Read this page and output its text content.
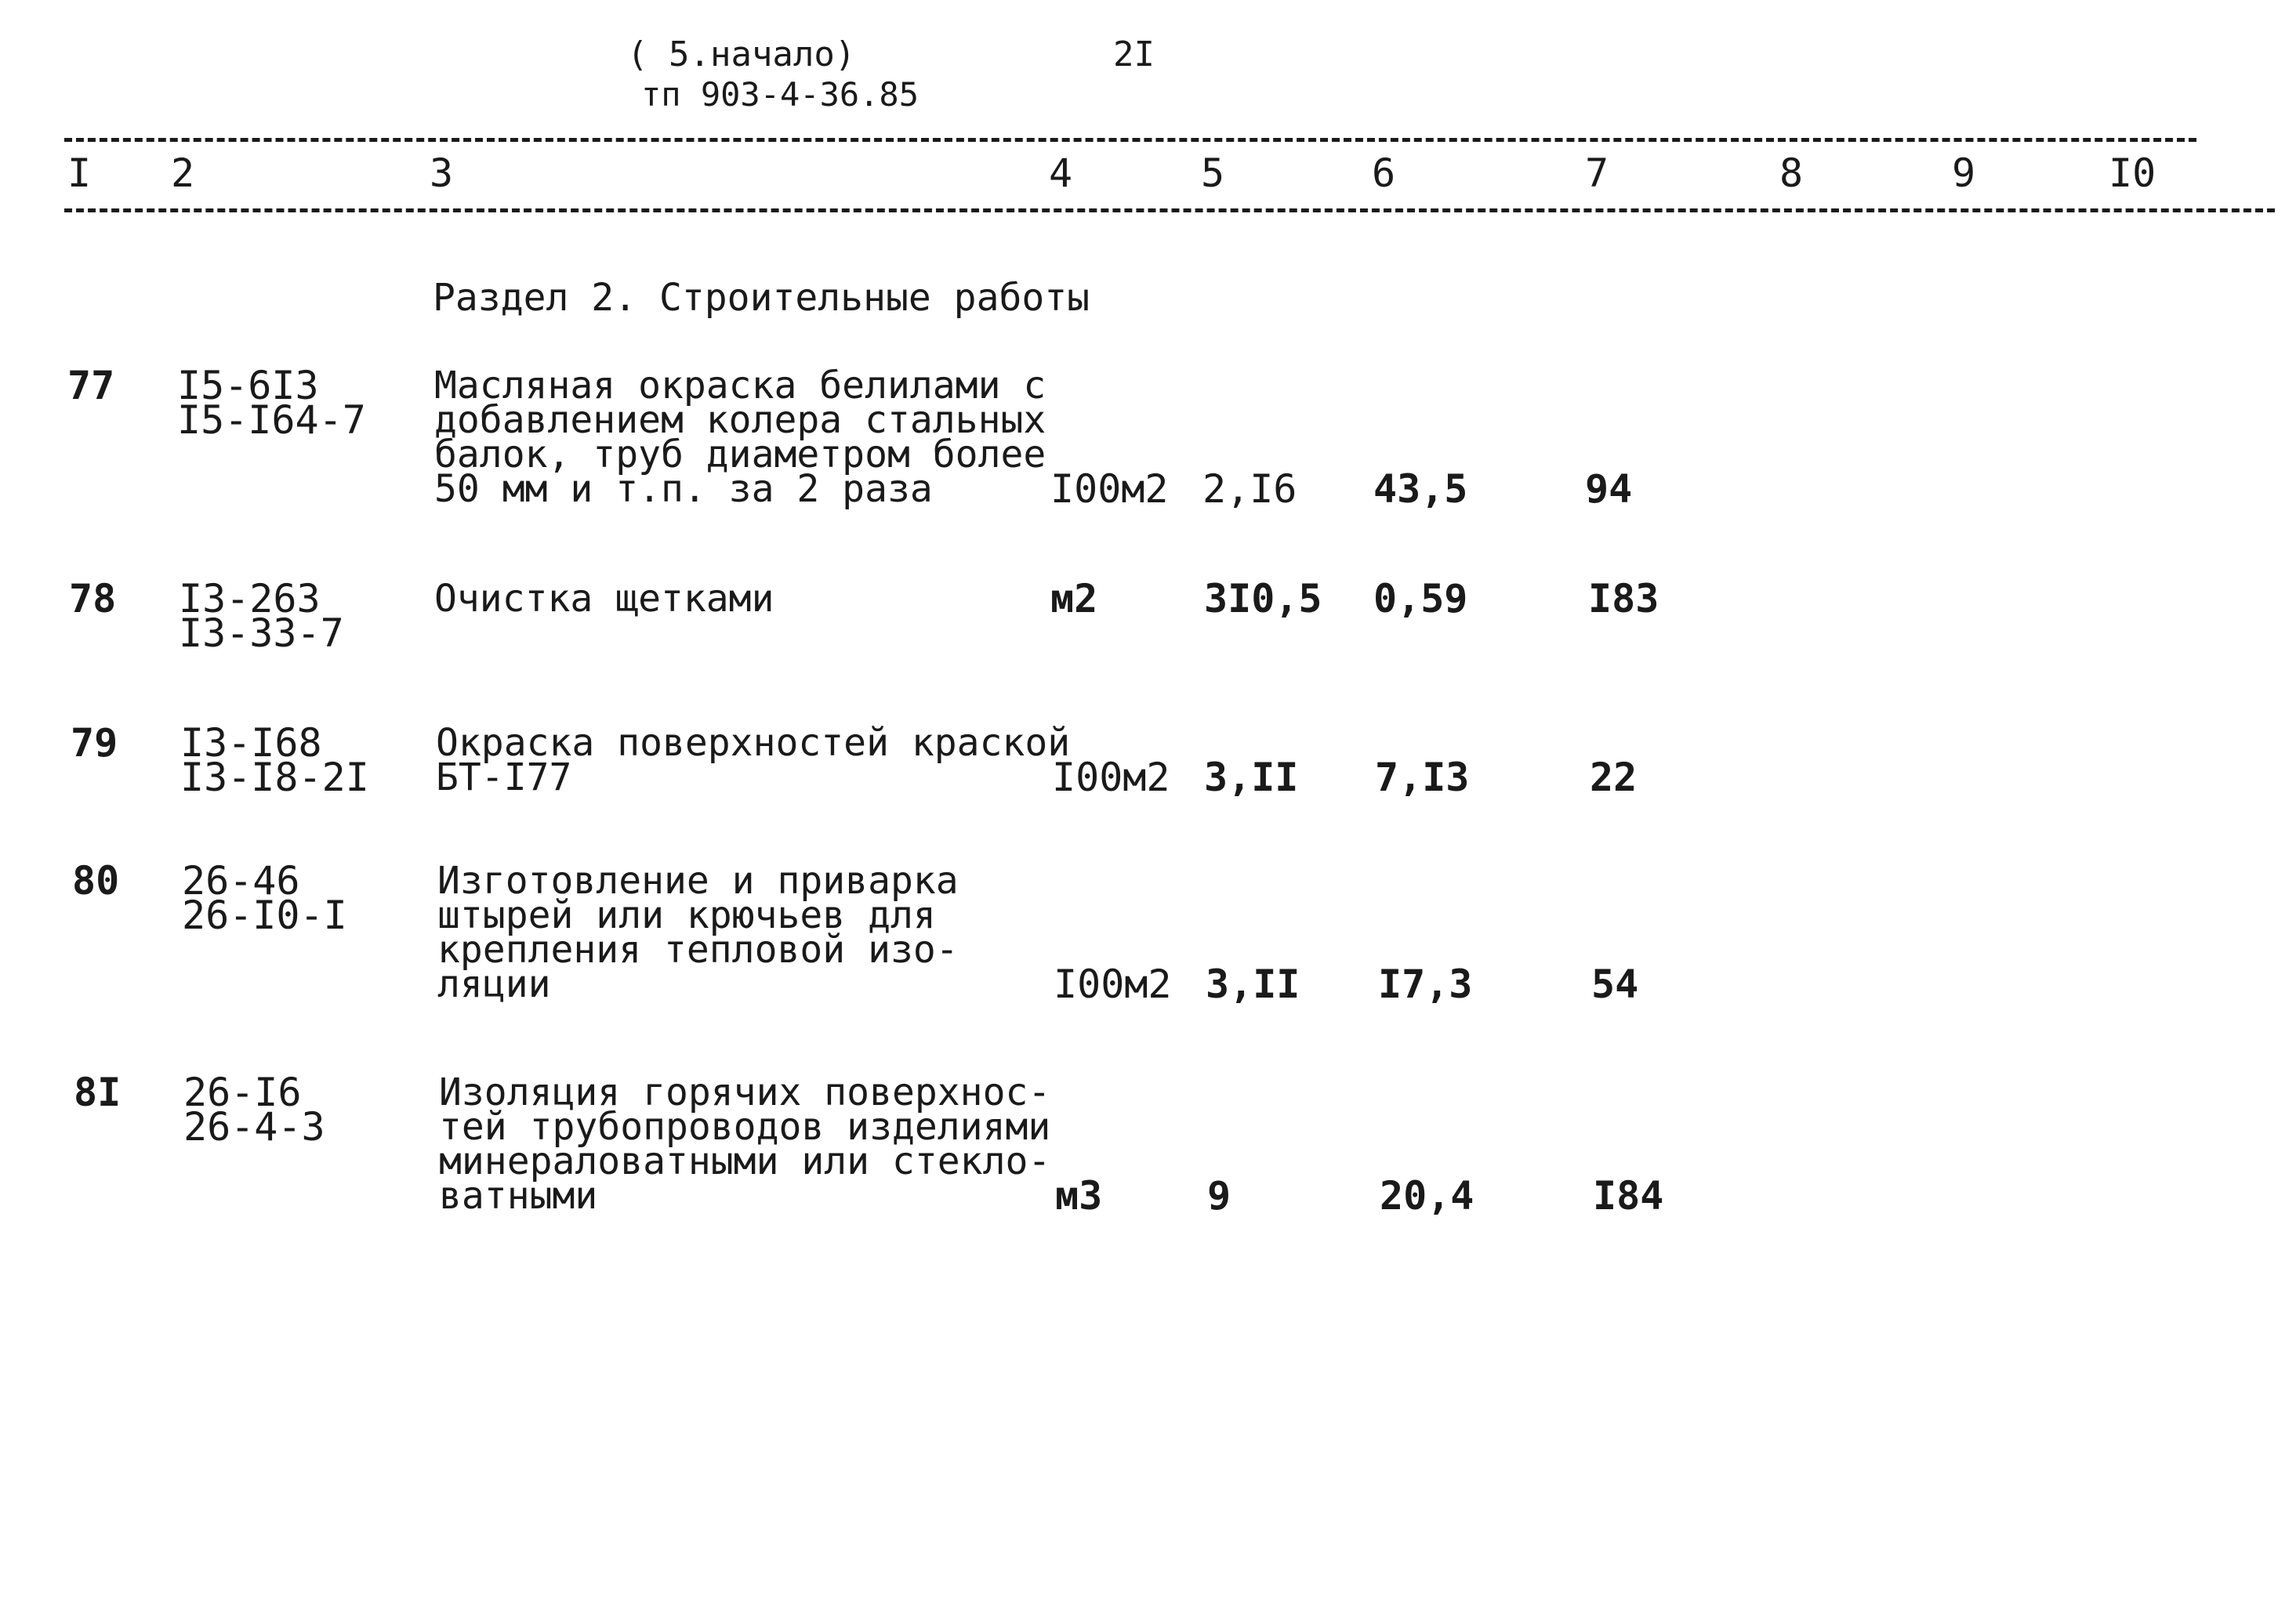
( 5.начало)	2I
тп 903-4-36.85
I 2	3	4	5	6	7	8	9	I0
Раздел 2. Строительные работы
77 I5-6I3
I5-I64-7
Масляная окраска белилами с
добавлением колера стальных
балок, труб диаметром более
50 мм и т.п. за 2 раза	I00м2 2,I6 43,5	94
78 I3-263
I3-33-7
Очистка щетками	м2	3I0,5 0,59	I83
79 I3-I68
I3-I8-2I
Окраска поверхностей краской
БТ-I77	I00м2 3,II 7,I3	22
80 26-46
26-I0-I
Изготовление и приварка
штырей или крючьев для
крепления тепловой изо-
ляции	I00м2 3,II I7,3	54
8I 26-I6
26-4-3
Изоляция горячих поверхнос-
тей трубопроводов изделиями
минераловатными или стекло-
ватными	м3	9	20,4	I84
